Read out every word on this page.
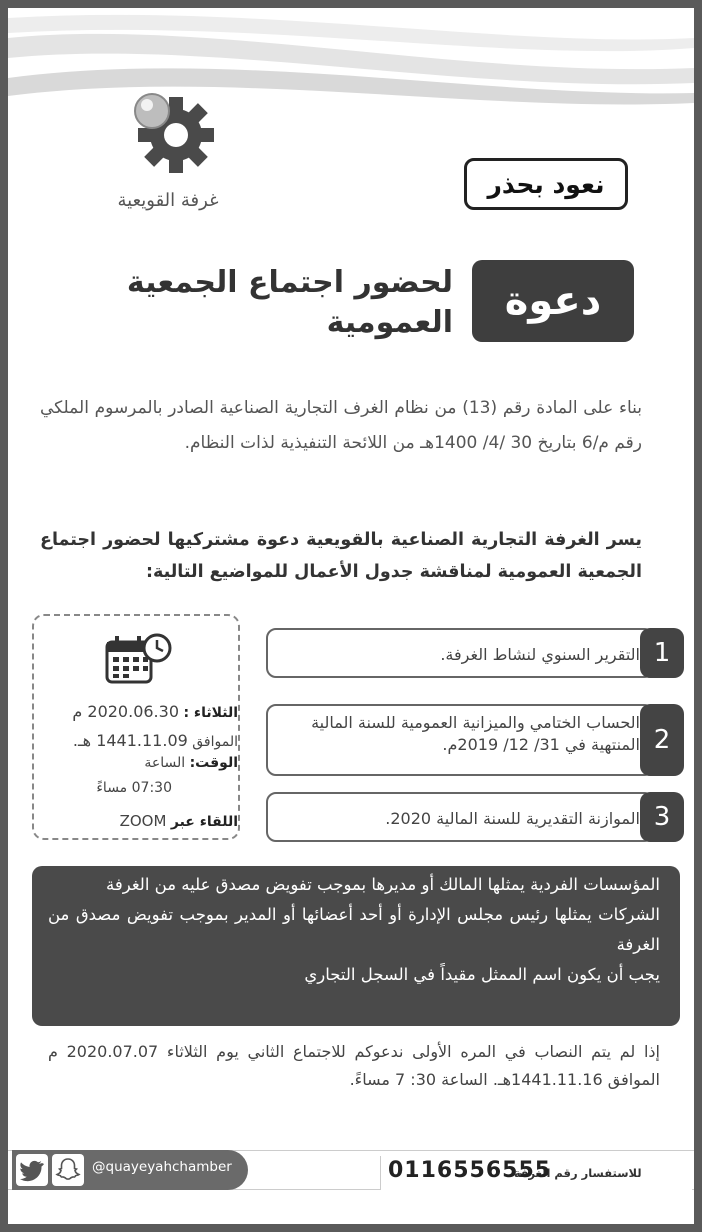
غرفة القويعية
نعود بحذر
دعوة
لحضور اجتماع الجمعية العمومية
بناء على المادة رقم (13) من نظام الغرف التجارية الصناعية الصادر بالمرسوم الملكي رقم م/6 بتاريخ 30 /4/ 1400هـ من اللائحة التنفيذية لذات النظام.
يسر الغرفة التجارية الصناعية بالقويعية دعوة مشتركيها لحضور اجتماع الجمعية العمومية لمناقشة جدول الأعمال للمواضيع التالية:
الثلاثاء : 2020.06.30 م
الموافق 1441.11.09 هـ.
الوقت: الساعة
07:30 مساءً
اللقاء عبر ZOOM
التقرير السنوي لنشاط الغرفة. 1
الحساب الختامي والميزانية العمومية للسنة المالية المنتهية في 31/ 12/ 2019م. 2
الموازنة التقديرية للسنة المالية 2020. 3
المؤسسات الفردية يمثلها المالك أو مديرها بموجب تفويض مصدق عليه من الغرفة
الشركات يمثلها رئيس مجلس الإدارة أو أحد أعضائها أو المدير بموجب تفويض مصدق من الغرفة
يجب أن يكون اسم الممثل مقيداً في السجل التجاري
إذا لم يتم النصاب في المره الأولى ندعوكم للاجتماع الثاني يوم الثلاثاء 2020.07.07 م الموافق 1441.11.16هـ. الساعة 30: 7 مساءً.
@quayeyahchamber	للاستفسار رقم الغرفة
0116556555
